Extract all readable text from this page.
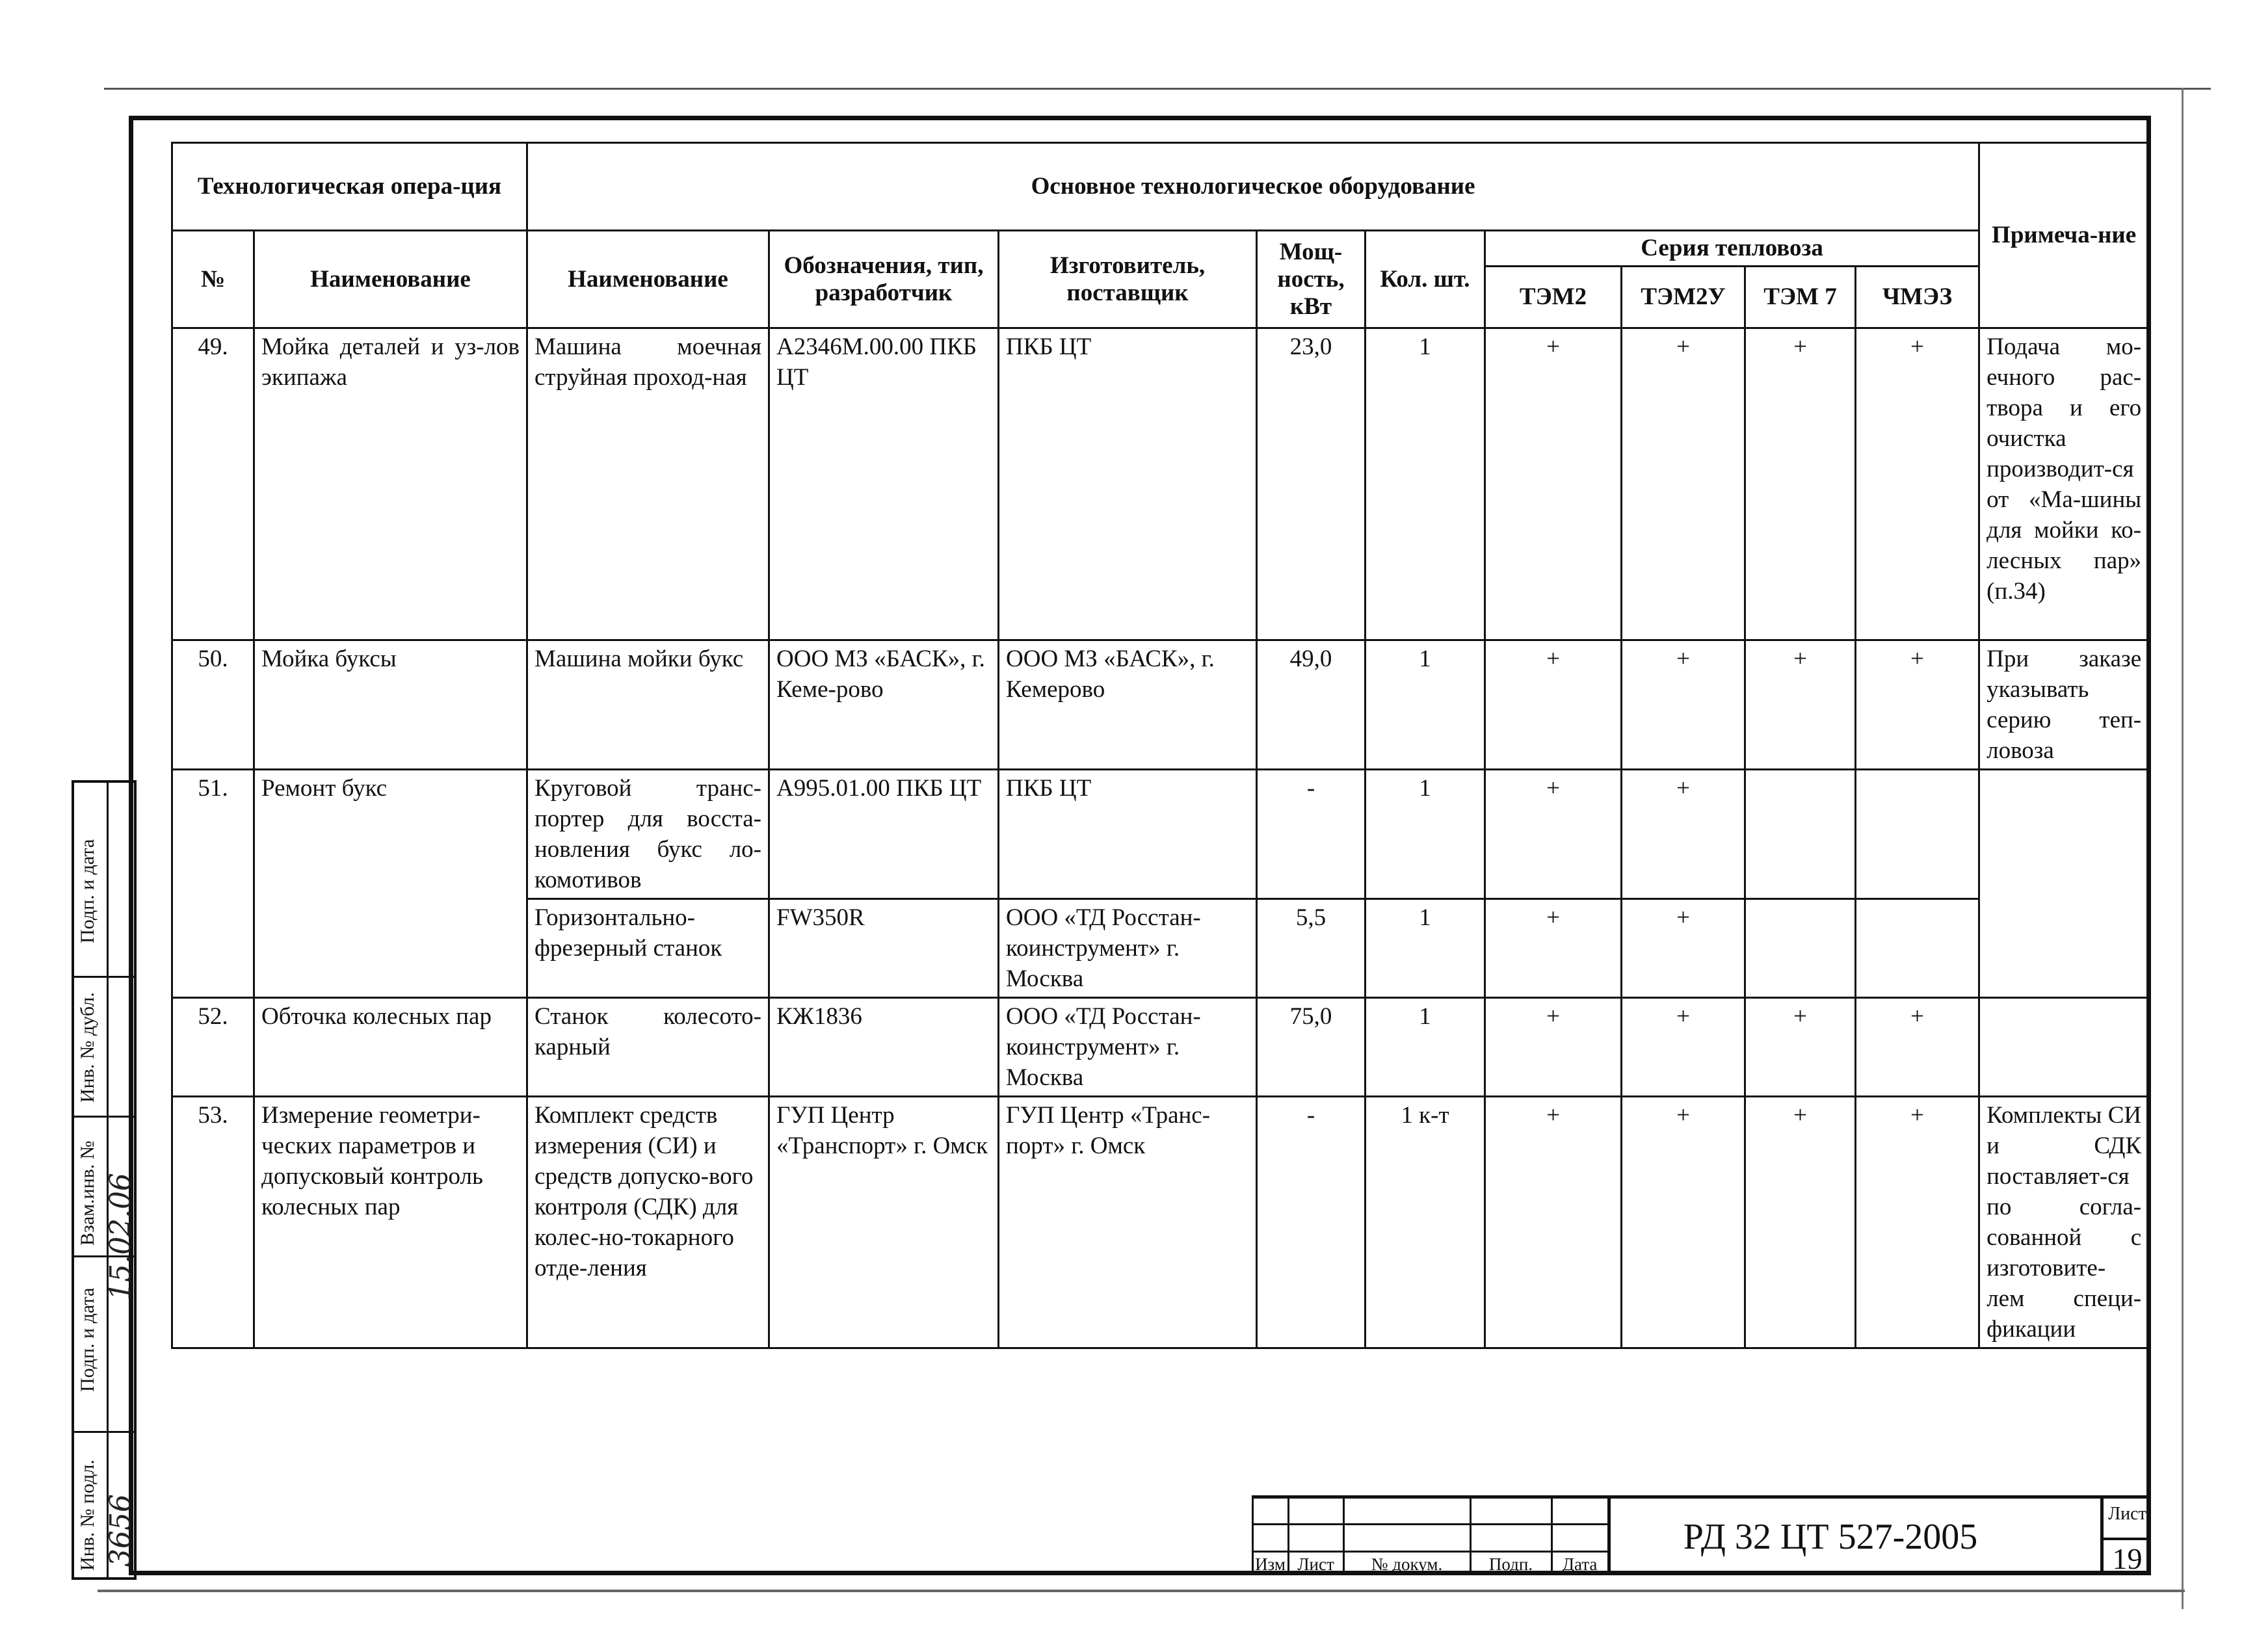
Технологическая опера-ция		Основное технологическое оборудование									Примеча-ние
№	Наименование	Наименование	Обозначения, тип, разработчик	Изготовитель, поставщик	Мощ-ность, кВт	Кол. шт.	Серия тепловоза				
							ТЭМ2	ТЭМ2У	ТЭМ 7	ЧМЭЗ	
49.	Мойка деталей и уз-лов экипажа	Машина моечная струйная проход-ная	А2346М.00.00 ПКБ ЦТ	ПКБ ЦТ	23,0	1	+	+	+	+	Подача мо-ечного рас-твора и его очистка производит-ся от «Ма-шины для мойки ко-лесных пар» (п.34)
50.	Мойка буксы	Машина мойки букс	ООО МЗ «БАСК», г. Кеме-рово	ООО МЗ «БАСК», г. Кемерово	49,0	1	+	+	+	+	При заказе указывать серию теп-ловоза
51.	Ремонт букс	Круговой транс-портер для восста-новления букс ло-комотивов	А995.01.00 ПКБ ЦТ	ПКБ ЦТ	-	1	+	+			
		Горизонтально-фрезерный станок	FW350R	ООО «ТД Росстан-коинструмент» г. Москва	5,5	1	+	+			
52.	Обточка колесных пар	Станок колесото-карный	КЖ1836	ООО «ТД Росстан-коинструмент» г. Москва	75,0	1	+	+	+	+	
53.	Измерение геометри-ческих параметров и допусковый контроль колесных пар	Комплект средств измерения (СИ) и средств допуско-вого контроля (СДК) для колес-но-токарного отде-ления	ГУП Центр «Транспорт» г. Омск	ГУП Центр «Транс-порт» г. Омск	-	1 к-т	+	+	+	+	Комплекты СИ и СДК поставляет-ся по согла-сованной с изготовите-лем специ-фикации
Подп. и дата
Инв. № дубл.
Взам.инв. №
Подп. и дата
Инв. № подл.
15.02.06
3656	Изм Лист	№ докум.	Подп.	Дата
РД 32 ЦТ 527-2005
Лист
19
